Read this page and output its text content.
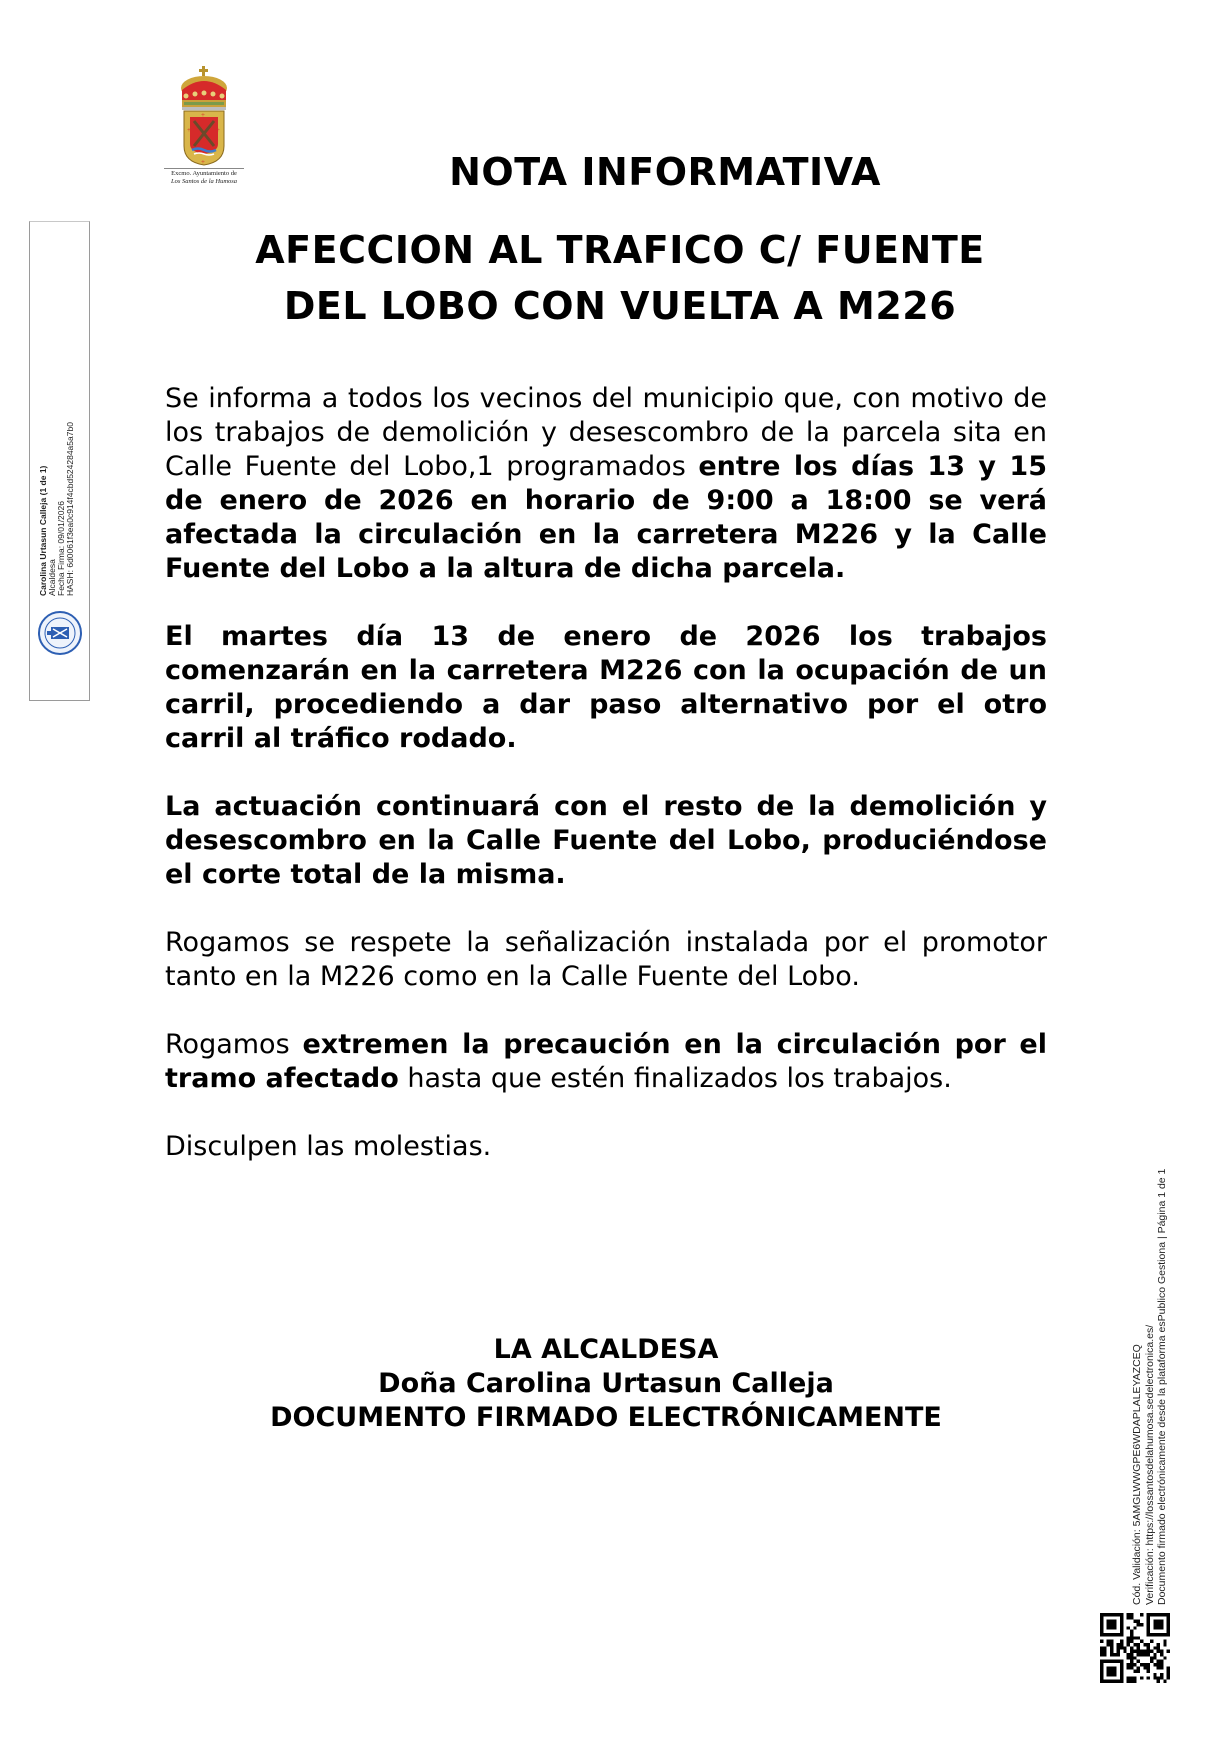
+	+
+
+
Excmo. Ayuntamiento de
Los Santos de la Humosa	NOTA INFORMATIVA
AFECCION AL TRAFICO C/ FUENTE
DEL LOBO CON VUELTA A M226

Se informa a todos los vecinos del municipio que, con motivo de los trabajos de demolición y desescombro de la parcela sita en Calle Fuente del Lobo,1 programados entre los días 13 y 15 de enero de 2026 en horario de 9:00 a 18:00 se verá afectada la circulación en la carretera M226 y la Calle Fuente del Lobo a la altura de dicha parcela.

El martes día 13 de enero de 2026 los trabajos comenzarán en la carretera M226 con la ocupación de un carril, procediendo a dar paso alternativo por el otro carril al tráfico rodado.

La actuación continuará con el resto de la demolición y desescombro en la Calle Fuente del Lobo, produciéndose el corte total de la misma.

Rogamos se respete la señalización instalada por el promotor tanto en la M226 como en la Calle Fuente del Lobo.

Rogamos extremen la precaución en la circulación por el tramo afectado hasta que estén finalizados los trabajos.

Disculpen las molestias.

LA ALCALDESA
Doña Carolina Urtasun Calleja
DOCUMENTO FIRMADO ELECTRÓNICAMENTE
Carolina Urtasun Calleja (1 de 1) Alcaldesa Fecha Firma: 09/01/2026 HASH: 6d0061f3ea0c914f4cbd524284a5a7b0
Cód. Validación: 5AMGLWWGPE6WDAPLALEYAZCEQ Verificación: https://lossantosdelahumosa.sedelectronica.es/ Documento firmado electrónicamente desde la plataforma esPublico Gestiona | Página 1 de 1
